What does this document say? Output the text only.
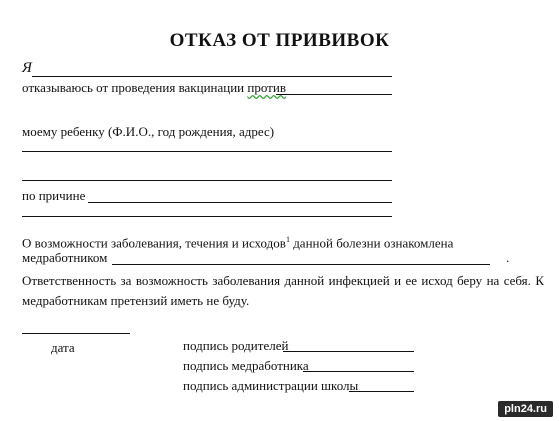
ОТКАЗ ОТ ПРИВИВОК
Я
отказываюсь от проведения вакцинации против
моему ребенку (Ф.И.О., год рождения, адрес)
по причине
О возможности заболевания, течения и исходов$^1$ данной болезни ознакомлена
медработником	.
Ответственность за возможность заболевания данной инфекцией и ее исход беру на себя. К медработникам претензий иметь не буду.
дата	подпись родителей
подпись медработника
подпись администрации школы
pln24.ru
